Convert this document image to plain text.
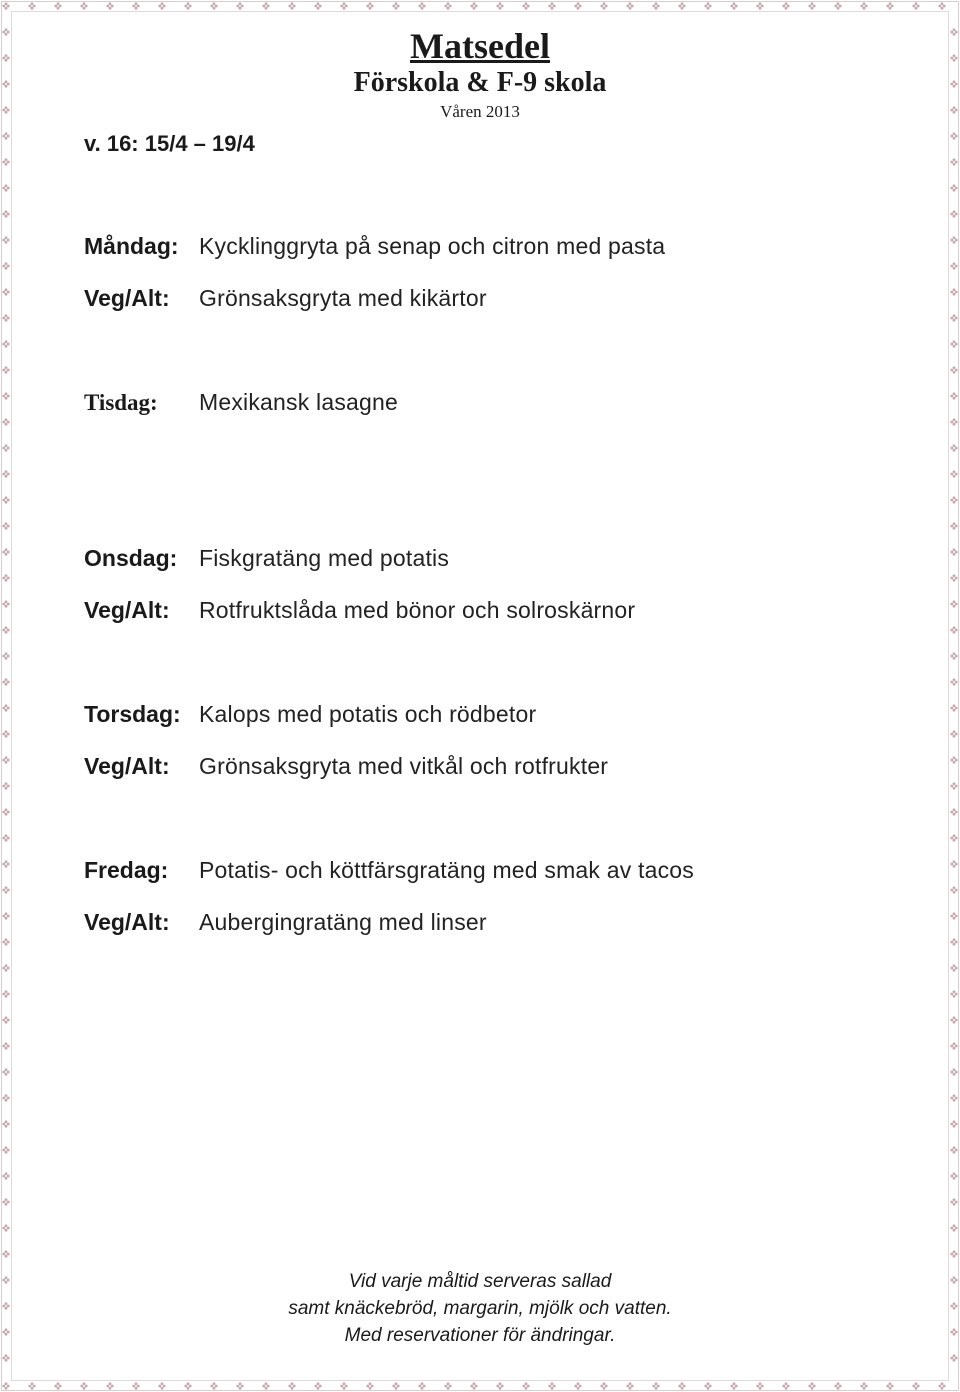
Matsedel
Förskola & F-9 skola
Våren 2013
v. 16: 15/4 – 19/4
Måndag: Kycklinggryta på senap och citron med pasta
Veg/Alt:	Grönsaksgryta med kikärtor
Tisdag:	Mexikansk lasagne
Onsdag: Fiskgratäng med potatis
Veg/Alt:	Rotfruktslåda med bönor och solroskärnor
Torsdag: Kalops med potatis och rödbetor
Veg/Alt:	Grönsaksgryta med vitkål och rotfrukter
Fredag:	Potatis- och köttfärsgratäng med smak av tacos
Veg/Alt:	Aubergingratäng med linser
Vid varje måltid serveras sallad
samt knäckebröd, margarin, mjölk och vatten.
Med reservationer för ändringar.
